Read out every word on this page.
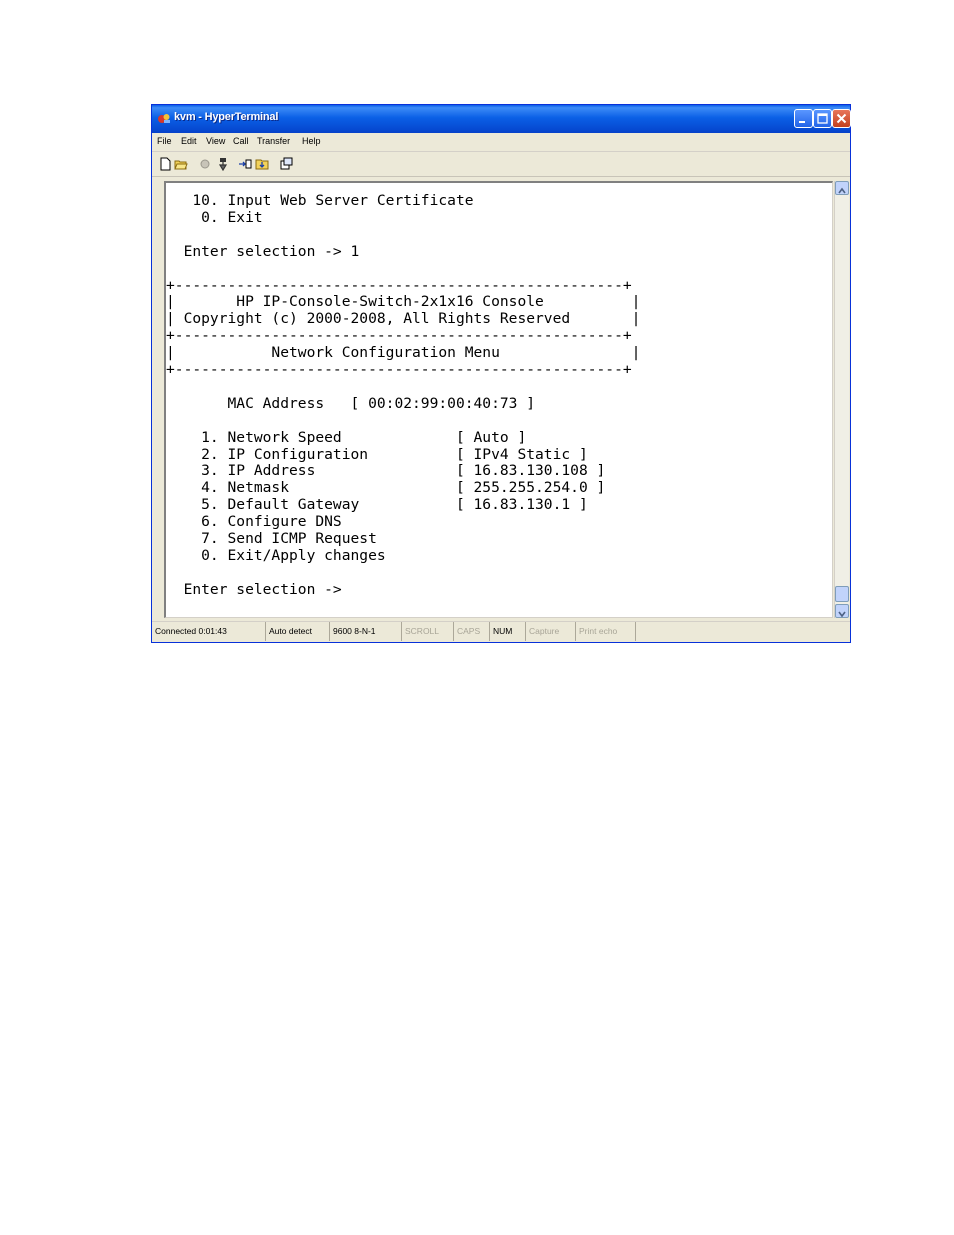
kvm - HyperTerminal
File Edit View Call Transfer Help
10. Input Web Server Certificate
0. Exit
Enter selection -> 1
+---------------------------------------------------+
|       HP IP-Console-Switch-2x1x16 Console          |
| Copyright (c) 2000-2008, All Rights Reserved       |
+---------------------------------------------------+
|           Network Configuration Menu               |
+---------------------------------------------------+
MAC Address   [ 00:02:99:00:40:73 ]
1. Network Speed             [ Auto ]
2. IP Configuration          [ IPv4 Static ]
3. IP Address                [ 16.83.130.108 ]
4. Netmask                   [ 255.255.254.0 ]
5. Default Gateway           [ 16.83.130.1 ]
6. Configure DNS
7. Send ICMP Request
0. Exit/Apply changes
Enter selection ->
Connected 0:01:43	Auto detect	9600 8-N-1	SCROLL	CAPS	NUM	Capture	Print echo
